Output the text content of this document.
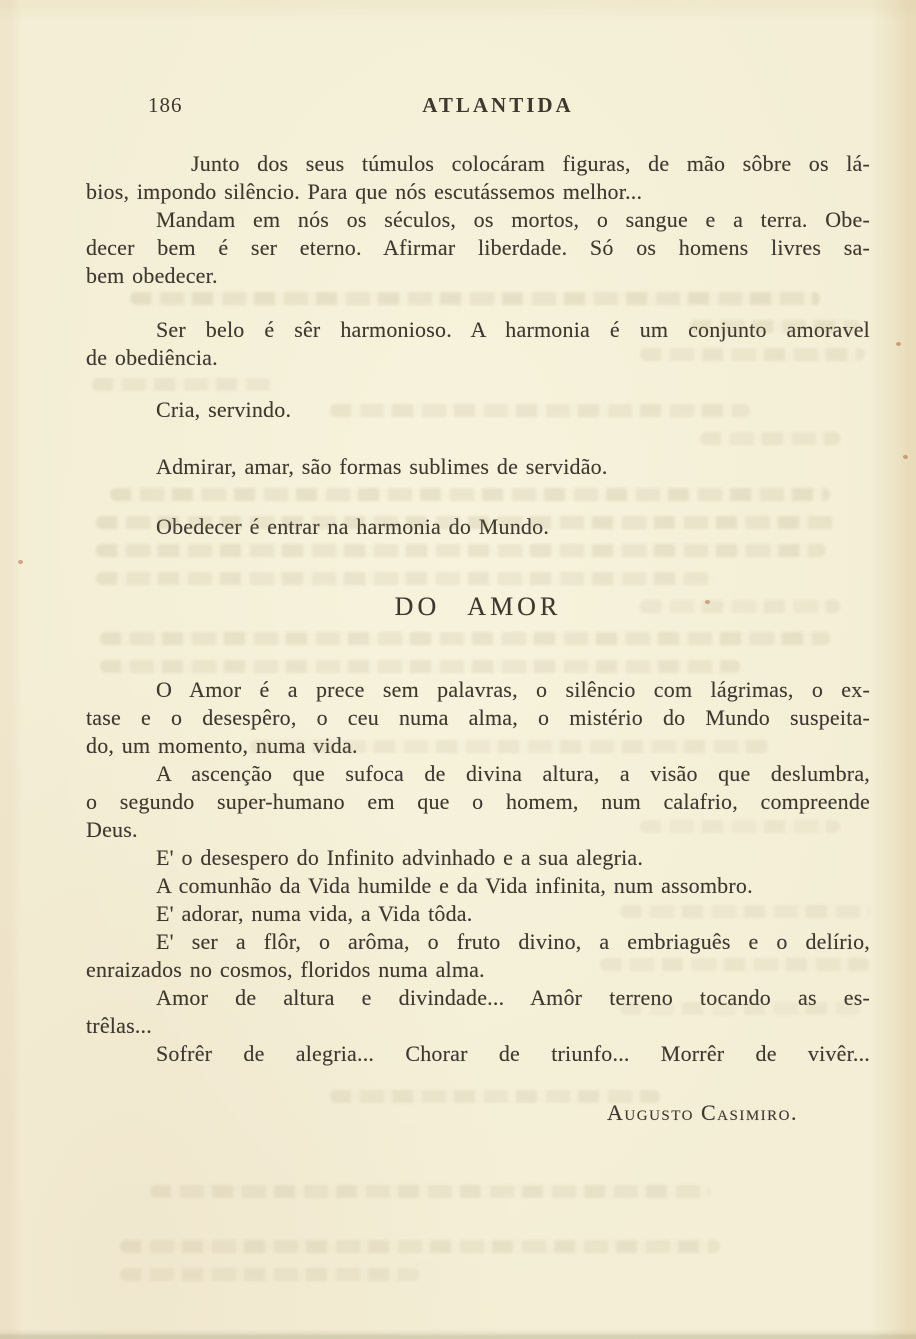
186	ATLANTIDA
Junto dos seus túmulos colocáram figuras, de mão sôbre os lá-
bios, impondo silêncio. Para que nós escutássemos melhor...
Mandam em nós os séculos, os mortos, o sangue e a terra. Obe-
decer bem é ser eterno. Afirmar liberdade. Só os homens livres sa-
bem obedecer.
Ser belo é sêr harmonioso. A harmonia é um conjunto amoravel
de obediência.
Cria, servindo.
Admirar, amar, são formas sublimes de servidão.
Obedecer é entrar na harmonia do Mundo.
DO AMOR
O Amor é a prece sem palavras, o silêncio com lágrimas, o ex-
tase e o desespêro, o ceu numa alma, o mistério do Mundo suspeita-
do, um momento, numa vida.
A ascenção que sufoca de divina altura, a visão que deslumbra,
o segundo super-humano em que o homem, num calafrio, compreende
Deus.
E' o desespero do Infinito advinhado e a sua alegria.
A comunhão da Vida humilde e da Vida infinita, num assombro.
E' adorar, numa vida, a Vida tôda.
E' ser a flôr, o arôma, o fruto divino, a embriaguês e o delírio,
enraizados no cosmos, floridos numa alma.
Amor de altura e divindade... Amôr terreno tocando as es-
trêlas...
Sofrêr de alegria... Chorar de triunfo... Morrêr de vivêr...
Augusto Casimiro.
